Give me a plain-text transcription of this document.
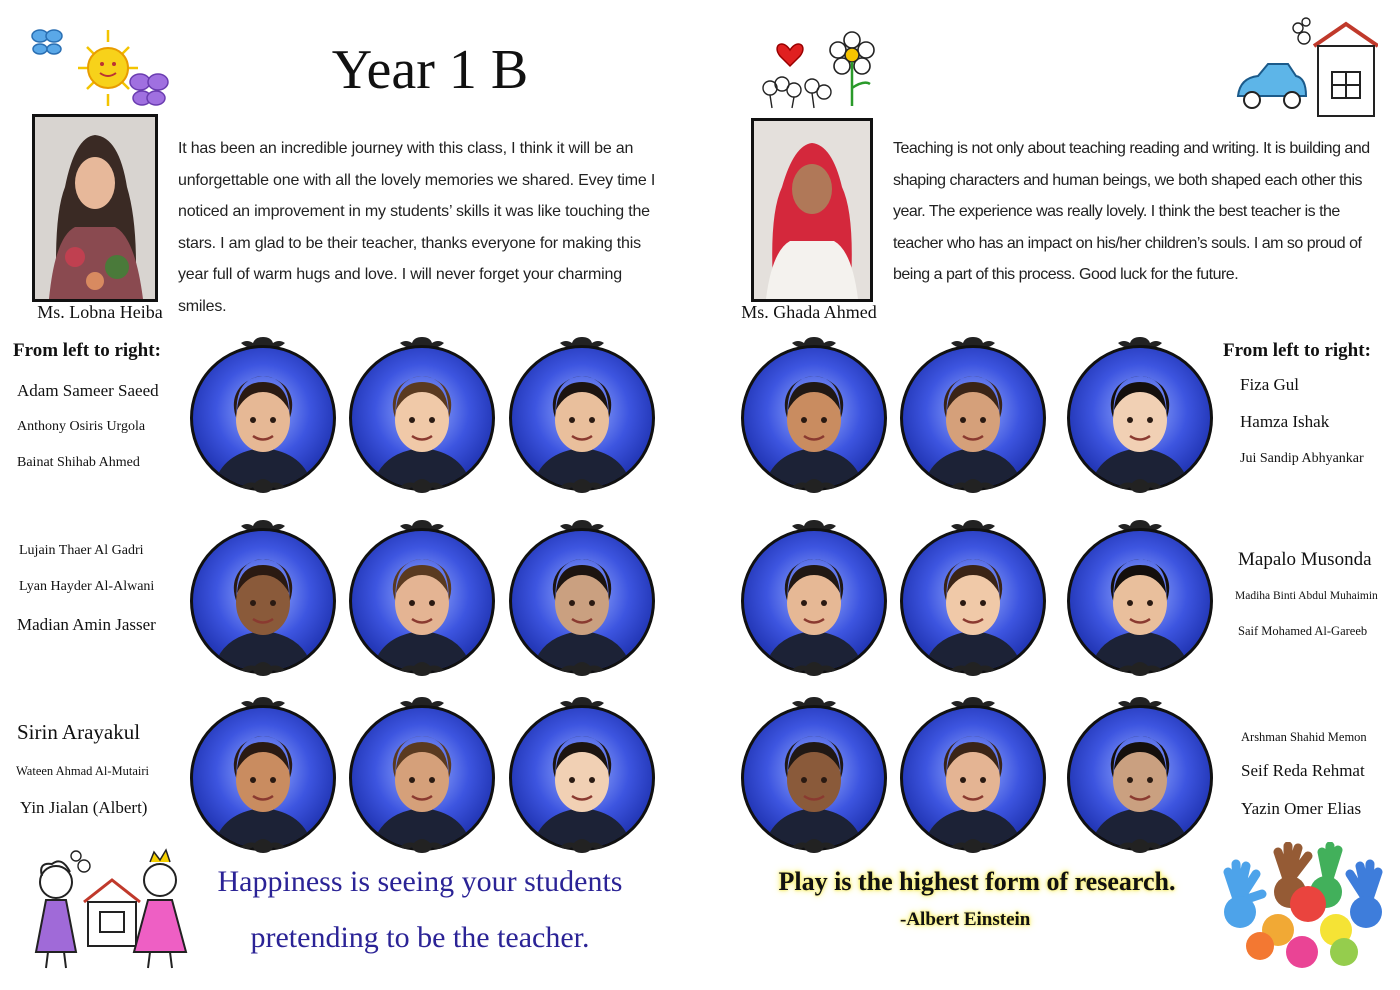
Year 1 B
Ms. Lobna Heiba
It has been an incredible journey with this class, I think it will be an unforgettable one with all the lovely memories we shared. Evey time I noticed an improvement in my students’ skills it was like touching the stars. I am glad to be their teacher, thanks everyone for making this year full of warm hugs and love. I will never forget your charming smiles.	Ms. Ghada Ahmed
Teaching is not only about teaching reading and writing. It is building and shaping characters and human beings, we both shaped each other this year. The experience was really lovely. I think the best teacher is the teacher who has an impact on his/her children’s souls. I am so proud of being a part of this process. Good luck for the future.
From left to right:	From left to right:
Adam Sameer Saeed
Anthony Osiris Urgola
Bainat Shihab Ahmed
Lujain Thaer Al Gadri
Lyan Hayder Al-Alwani
Madian Amin Jasser
Sirin Arayakul
Wateen Ahmad Al-Mutairi
Yin Jialan (Albert)
Fiza Gul
Hamza Ishak
Jui Sandip Abhyankar
Mapalo Musonda
Madiha Binti Abdul Muhaimin
Saif Mohamed Al-Gareeb
Arshman Shahid Memon
Seif Reda Rehmat
Yazin Omer Elias
Happiness is seeing your students
pretending to be the teacher.
Play is the highest form of research.
-Albert Einstein
